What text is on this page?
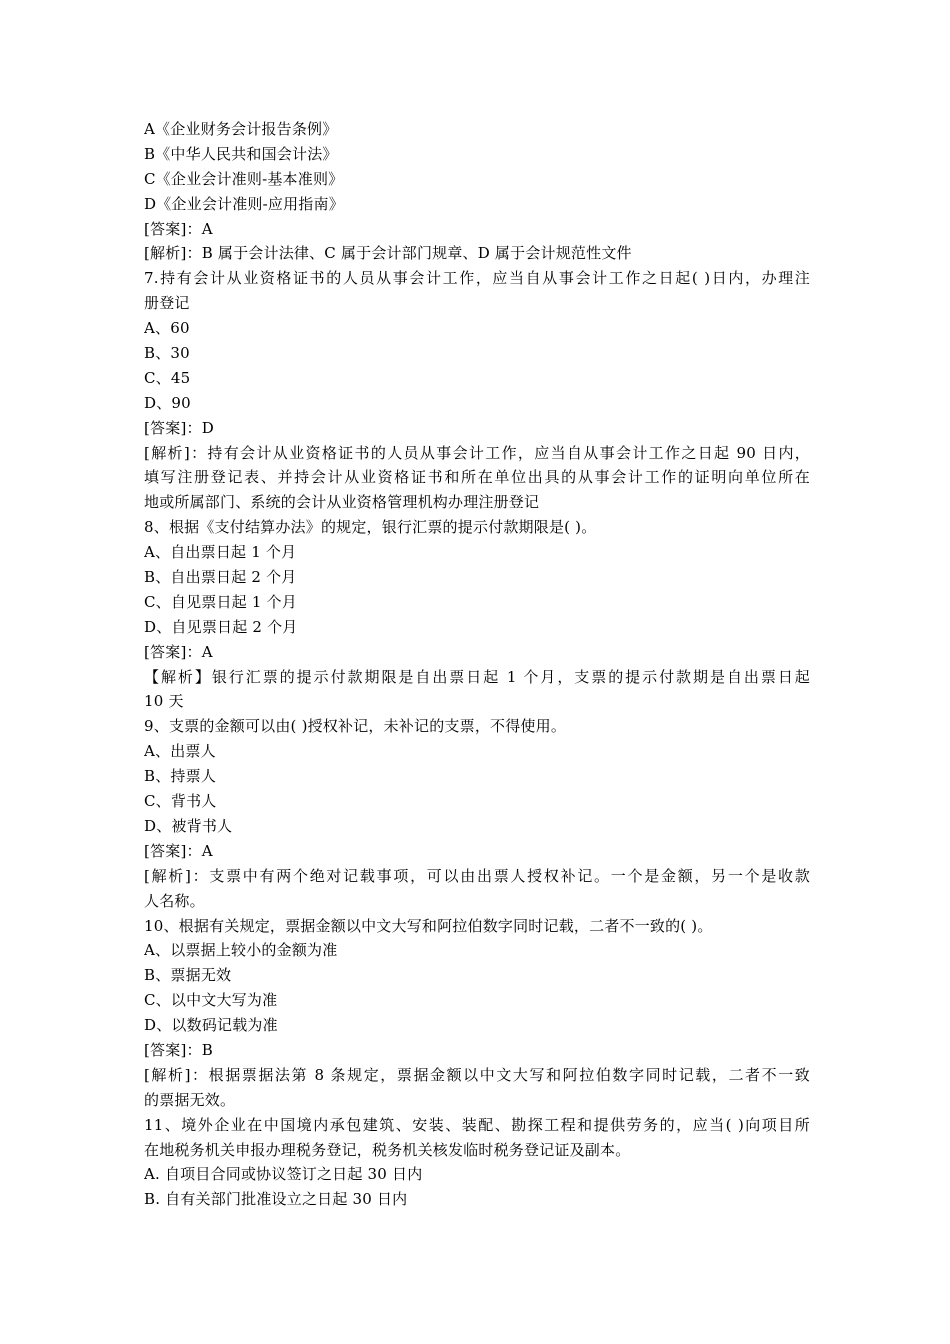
A《企业财务会计报告条例》
B《中华人民共和国会计法》
C《企业会计准则-基本准则》
D《企业会计准则-应用指南》
[答案]：A
[解析]：B 属于会计法律、C 属于会计部门规章、D 属于会计规范性文件
7.持有会计从业资格证书的人员从事会计工作，应当自从事会计工作之日起( )日内，办理注
册登记
A、60
B、30
C、45
D、90
[答案]：D
[解析]：持有会计从业资格证书的人员从事会计工作，应当自从事会计工作之日起 90 日内，
填写注册登记表、并持会计从业资格证书和所在单位出具的从事会计工作的证明向单位所在
地或所属部门、系统的会计从业资格管理机构办理注册登记
8、根据《支付结算办法》的规定，银行汇票的提示付款期限是( )。
A、自出票日起 1 个月
B、自出票日起 2 个月
C、自见票日起 1 个月
D、自见票日起 2 个月
[答案]：A
【解析】银行汇票的提示付款期限是自出票日起 1 个月，支票的提示付款期是自出票日起
10 天
9、支票的金额可以由( )授权补记，未补记的支票，不得使用。
A、出票人
B、持票人
C、背书人
D、被背书人
[答案]：A
[解析]：支票中有两个绝对记载事项，可以由出票人授权补记。一个是金额，另一个是收款
人名称。
10、根据有关规定，票据金额以中文大写和阿拉伯数字同时记载，二者不一致的( )。
A、以票据上较小的金额为准
B、票据无效
C、以中文大写为准
D、以数码记载为准
[答案]：B
[解析]：根据票据法第 8 条规定，票据金额以中文大写和阿拉伯数字同时记载，二者不一致
的票据无效。
11、境外企业在中国境内承包建筑、安装、装配、勘探工程和提供劳务的，应当( )向项目所
在地税务机关申报办理税务登记，税务机关核发临时税务登记证及副本。
A. 自项目合同或协议签订之日起 30 日内
B. 自有关部门批准设立之日起 30 日内
